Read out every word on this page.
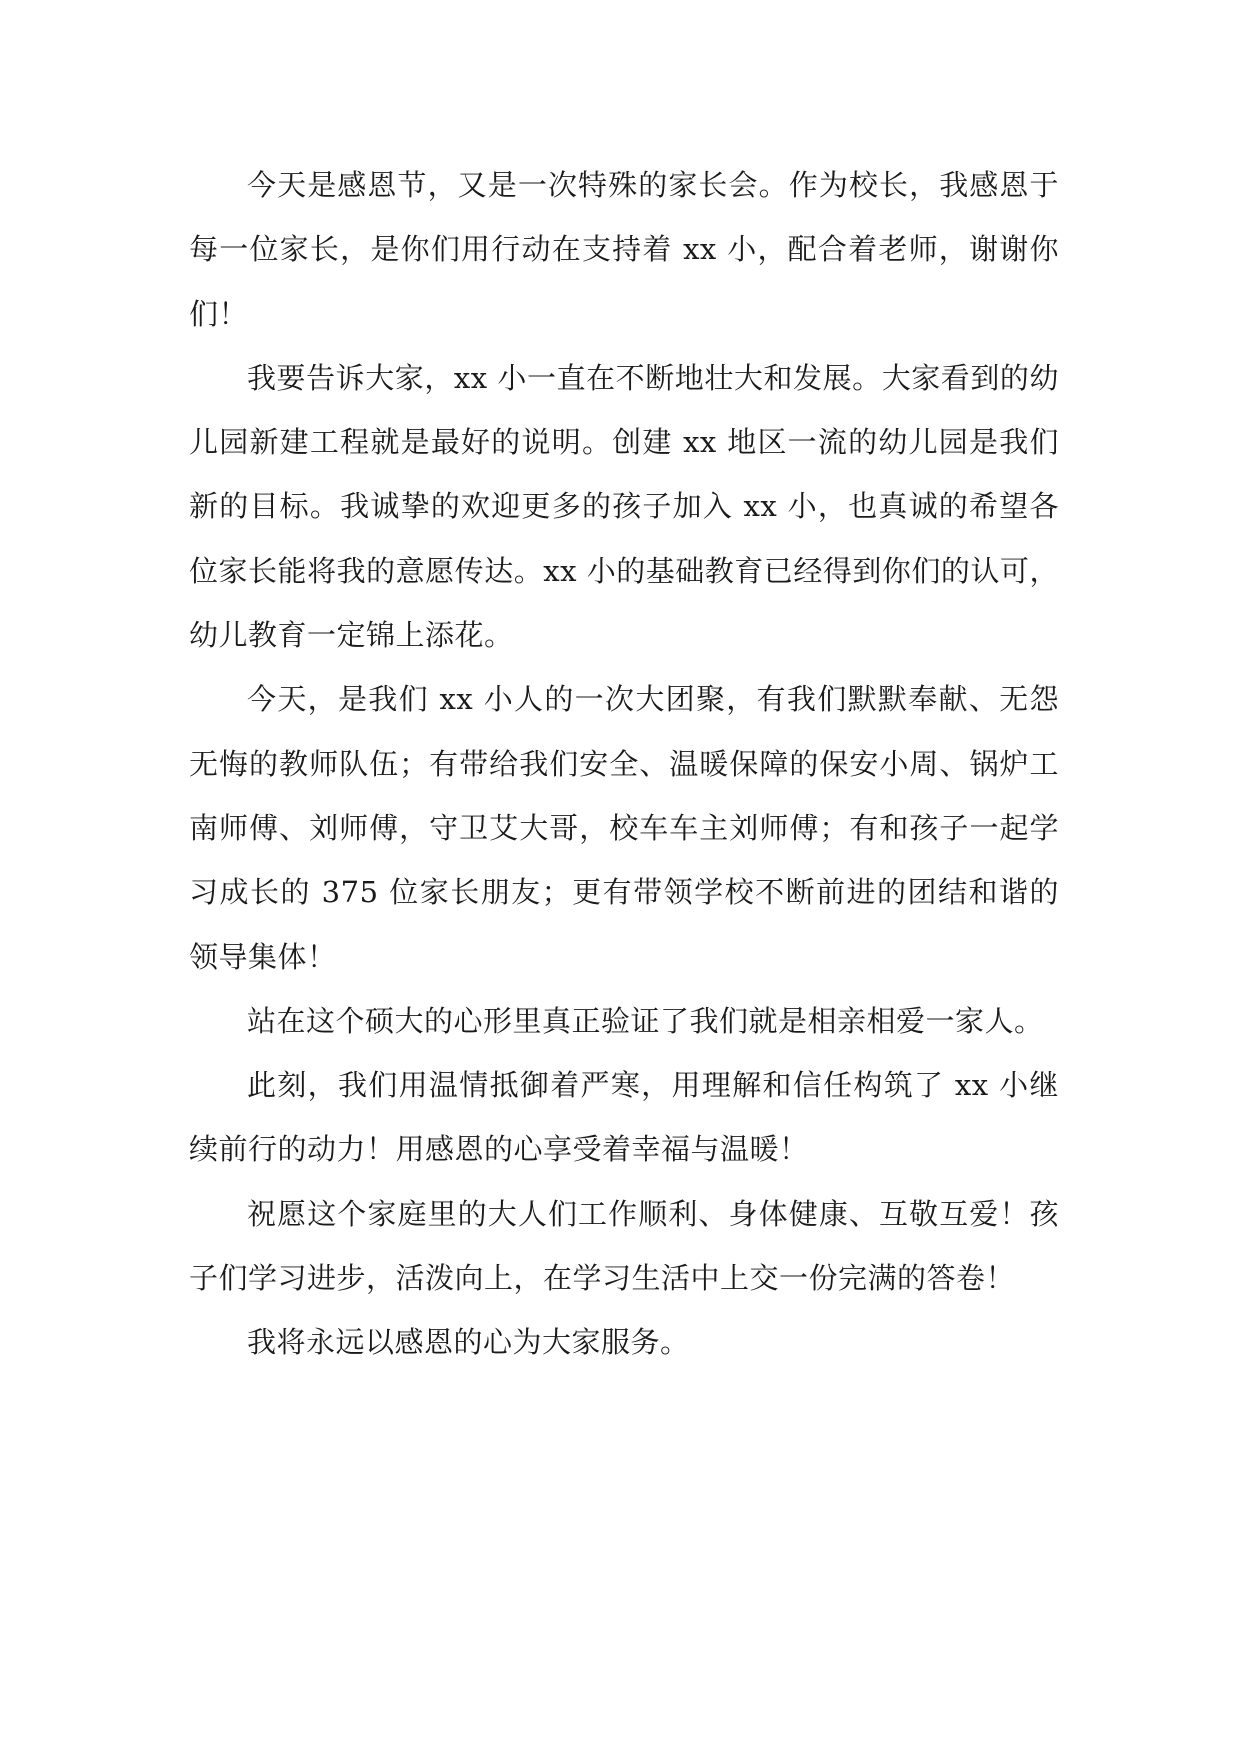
今天是感恩节，又是一次特殊的家长会。作为校长，我感恩于每一位家长，是你们用行动在支持着 xx 小，配合着老师，谢谢你们！

我要告诉大家，xx 小一直在不断地壮大和发展。大家看到的幼儿园新建工程就是最好的说明。创建 xx 地区一流的幼儿园是我们新的目标。我诚挚的欢迎更多的孩子加入 xx 小，也真诚的希望各位家长能将我的意愿传达。xx 小的基础教育已经得到你们的认可，幼儿教育一定锦上添花。

今天，是我们 xx 小人的一次大团聚，有我们默默奉献、无怨无悔的教师队伍；有带给我们安全、温暖保障的保安小周、锅炉工南师傅、刘师傅，守卫艾大哥，校车车主刘师傅；有和孩子一起学习成长的 375 位家长朋友；更有带领学校不断前进的团结和谐的领导集体！

站在这个硕大的心形里真正验证了我们就是相亲相爱一家人。

此刻，我们用温情抵御着严寒，用理解和信任构筑了 xx 小继续前行的动力！用感恩的心享受着幸福与温暖！

祝愿这个家庭里的大人们工作顺利、身体健康、互敬互爱！孩子们学习进步，活泼向上，在学习生活中上交一份完满的答卷！

我将永远以感恩的心为大家服务。
